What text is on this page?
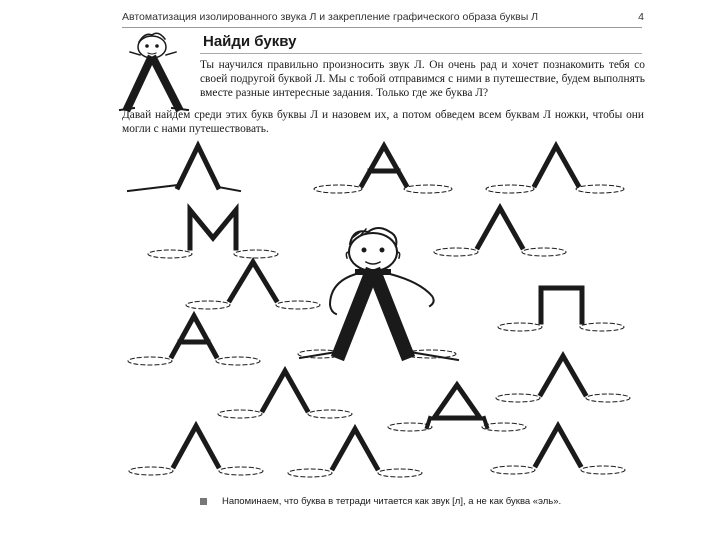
Автоматизация изолированного звука Л и закрепление графического образа буквы Л	4
Найди букву
Ты научился правильно произносить звук Л. Он очень рад и хочет познакомить тебя со своей подругой буквой Л. Мы с тобой отправимся с ними в путешествие, будем выполнять вместе разные интересные задания. Только где же буква Л?
Давай найдем среди этих букв буквы Л и назовем их, а потом обведем всем буквам Л ножки, чтобы они могли с нами путешествовать.
Напоминаем, что буква в тетради читается как звук [л], а не как буква «эль».
